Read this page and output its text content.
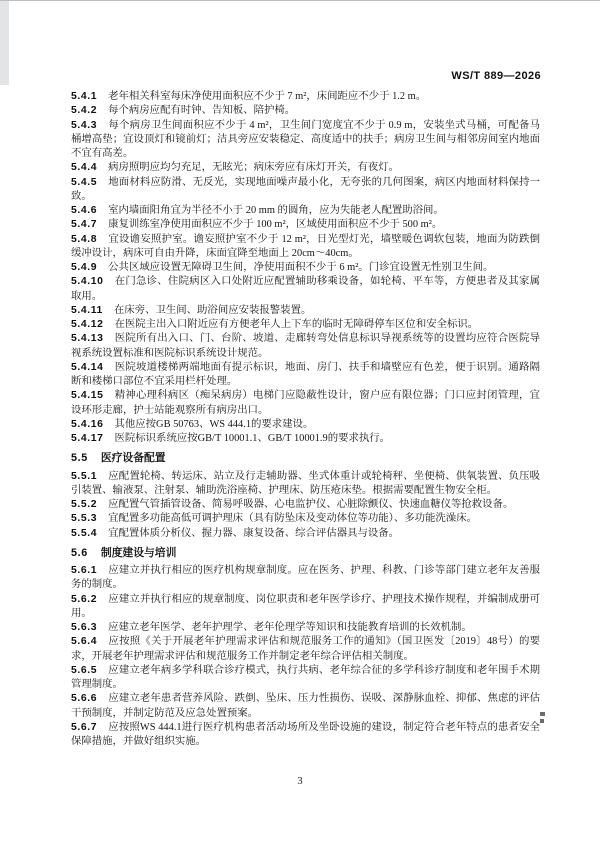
WS/T 889—2026

5.4.1 老年相关科室每床净使用面积应不少于 7 m²，床间距应不少于 1.2 m。

5.4.2 每个病房应配有时钟、告知板、陪护椅。

5.4.3 每个病房卫生间面积应不少于 4 m²，卫生间门宽度宜不少于 0.9 m，安装坐式马桶，可配备马桶增高垫；宜设顶灯和镜前灯；洁具旁应安装稳定、高度适中的扶手；病房卫生间与相邻房间室内地面不宜有高差。

5.4.4 病房照明应均匀充足，无眩光；病床旁应有床灯开关，有夜灯。

5.4.5 地面材料应防滑、无反光，实现地面噪声最小化，无夸张的几何图案，病区内地面材料保持一致。

5.4.6 室内墙面阳角宜为半径不小于 20 mm 的圆角，应为失能老人配置助浴间。

5.4.7 康复训练室净使用面积应不少于 100 m²，区域使用面积应不少于 500 m²。

5.4.8 宜设谵妄照护室。谵妄照护室不少于 12 m²，日光型灯光，墙壁暖色调软包装，地面为防跌倒缓冲设计，病床可自由升降，床面宜降至地面上 20cm～40cm。

5.4.9 公共区域应设置无障碍卫生间，净使用面积不少于 6 m²。门诊宜设置无性别卫生间。

5.4.10 在门急诊、住院病区入口处附近应配置辅助移乘设备，如轮椅、平车等，方便患者及其家属取用。

5.4.11 在床旁、卫生间、助浴间应安装报警装置。

5.4.12 在医院主出入口附近应有方便老年人上下车的临时无障碍停车区位和安全标识。

5.4.13 医院所有出入口、门、台阶、坡道、走廊转弯处信息标识导视系统等的设置均应符合医院导视系统设置标准和医院标识系统设计规范。

5.4.14 医院坡道楼梯两端地面有提示标识，地面、房门、扶手和墙壁应有色差，便于识别。通路隔断和楼梯口部位不宜采用栏杆处理。

5.4.15 精神心理科病区（痴呆病房）电梯门应隐蔽性设计，窗户应有限位器；门口应封闭管理，宜设环形走廊，护士站能观察所有病房出口。

5.4.16 其他应按GB 50763、WS 444.1的要求建设。

5.4.17 医院标识系统应按GB/T 10001.1、GB/T 10001.9的要求执行。

5.5 医疗设备配置

5.5.1 应配置轮椅、转运床、站立及行走辅助器、坐式体重计或轮椅秤、坐便椅、供氧装置、负压吸引装置、输液泵、注射泵、辅助洗浴座椅、护理床、防压疮床垫。根据需要配置生物安全柜。

5.5.2 应配置气管插管设备、简易呼吸器、心电监护仪、心脏除颤仪、快速血糖仪等抢救设备。

5.5.3 宜配置多功能高低可调护理床（具有防坠床及变动体位等功能）、多功能洗澡床。

5.5.4 宜配置体质分析仪、握力器、康复设备、综合评估器具与设备。

5.6 制度建设与培训

5.6.1 应建立并执行相应的医疗机构规章制度。应在医务、护理、科教、门诊等部门建立老年友善服务的制度。

5.6.2 应建立并执行相应的规章制度、岗位职责和老年医学诊疗、护理技术操作规程，并编制成册可用。

5.6.3 应建立老年医学、老年护理学、老年伦理学等知识和技能教育培训的长效机制。

5.6.4 应按照《关于开展老年护理需求评估和规范服务工作的通知》（国卫医发〔2019〕48号）的要求，开展老年护理需求评估和规范服务工作并制定老年综合评估相关制度。

5.6.5 应建立老年病多学科联合诊疗模式，执行共病、老年综合征的多学科诊疗制度和老年围手术期管理制度。

5.6.6 应建立老年患者营养风险、跌倒、坠床、压力性损伤、误吸、深静脉血栓、抑郁、焦虑的评估干预制度，并制定防范及应急处置预案。

5.6.7 应按照WS 444.1进行医疗机构患者活动场所及坐卧设施的建设，制定符合老年特点的患者安全保障措施，并做好组织实施。

3
